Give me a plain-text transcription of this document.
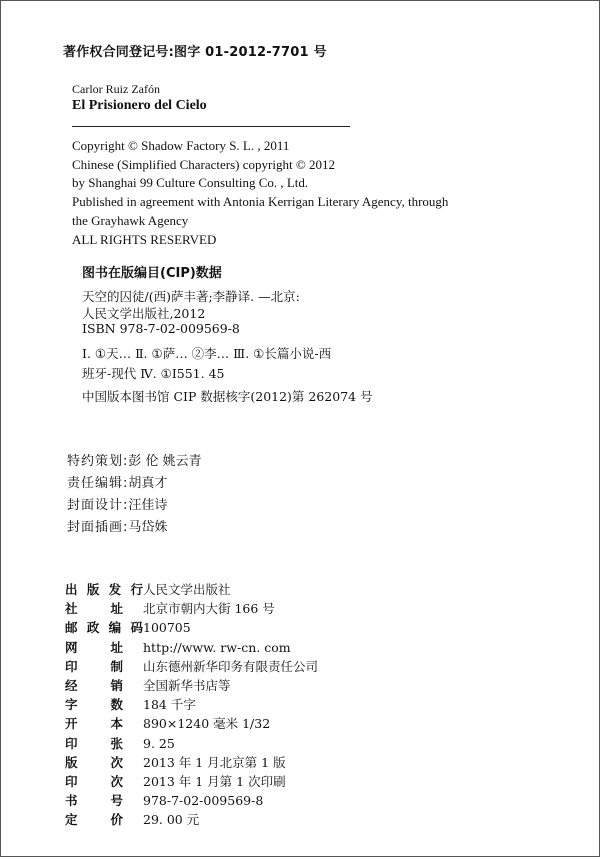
著作权合同登记号:图字 01-2012-7701 号
Carlor Ruiz Zafón
El Prisionero del Cielo
Copyright © Shadow Factory S. L. , 2011
Chinese (Simplified Characters) copyright © 2012
by Shanghai 99 Culture Consulting Co. , Ltd.
Published in agreement with Antonia Kerrigan Literary Agency, through
the Grayhawk Agency
ALL RIGHTS RESERVED
图书在版编目(CIP)数据
天空的囚徒/(西)萨丰著;李静译. —北京:
人民文学出版社,2012
ISBN 978-7-02-009569-8
Ⅰ. ①天… Ⅱ. ①萨… ②李… Ⅲ. ①长篇小说-西
班牙-现代 Ⅳ. ①I551. 45
中国版本图书馆 CIP 数据核字(2012)第 262074 号
特约策划:彭 伦 姚云青
责任编辑:胡真才
封面设计:汪佳诗
封面插画:马岱姝
出 版 发 行 人民文学出版社
社	址 北京市朝内大街 166 号
邮 政 编 码 100705
网	址 http://www. rw-cn. com
印	制 山东德州新华印务有限责任公司
经	销 全国新华书店等
字	数 184 千字
开	本 890×1240 毫米 1/32
印	张 9. 25
版	次 2013 年 1 月北京第 1 版
印	次 2013 年 1 月第 1 次印刷
书	号 978-7-02-009569-8
定	价 29. 00 元
